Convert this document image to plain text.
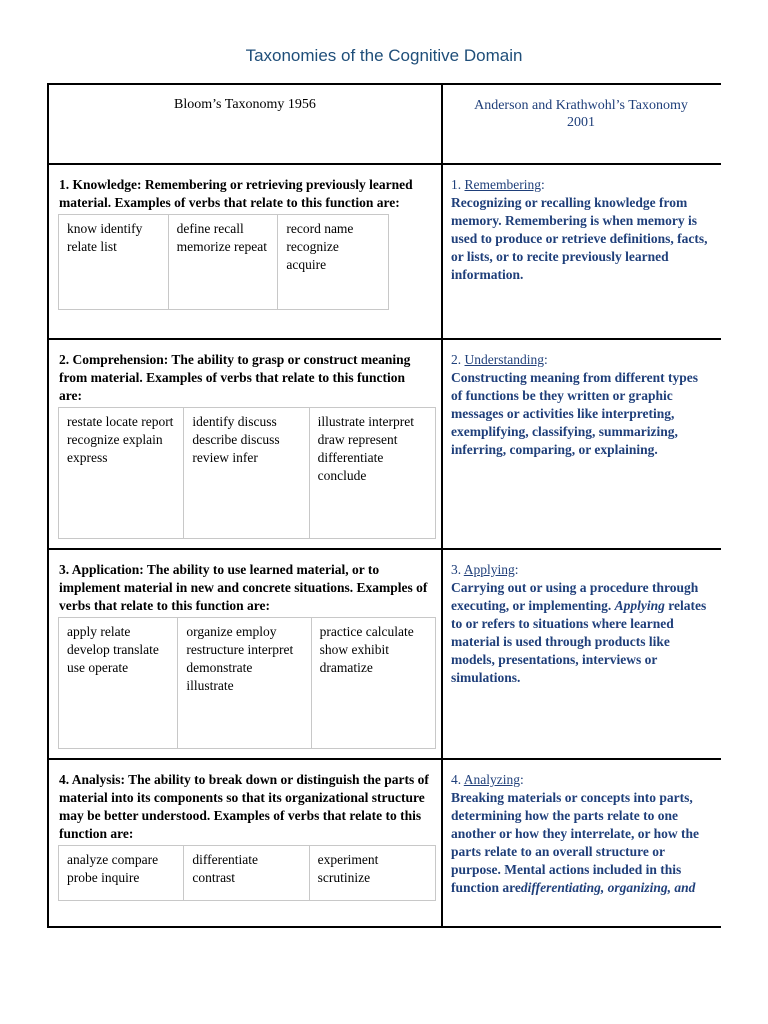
Taxonomies of the Cognitive Domain
Bloom’s Taxonomy 1956	Anderson and Krathwohl’s Taxonomy
2001
1. Knowledge: Remembering or retrieving previously learned material. Examples of verbs that relate to this function are:
know identify relate list
define recall memorize repeat
record name recognize acquire
1. Remembering:
Recognizing or recalling knowledge from memory. Remembering is when memory is used to produce or retrieve definitions, facts, or lists, or to recite previously learned information.
2. Comprehension: The ability to grasp or construct meaning from material. Examples of verbs that relate to this function are:
restate locate report recognize explain express
identify discuss describe discuss review infer
illustrate interpret draw represent differentiate conclude
2. Understanding:
Constructing meaning from different types of functions be they written or graphic messages or activities like interpreting, exemplifying, classifying, summarizing, inferring, comparing, or explaining.
3. Application: The ability to use learned material, or to implement material in new and concrete situations. Examples of verbs that relate to this function are:
apply relate develop translate use operate
organize employ restructure interpret demonstrate illustrate
practice calculate show exhibit dramatize
3. Applying:
Carrying out or using a procedure through executing, or implementing. Applying relates to or refers to situations where learned material is used through products like models, presentations, interviews or simulations.
4. Analysis: The ability to break down or distinguish the parts of material into its components so that its organizational structure may be better understood. Examples of verbs that relate to this function are:
analyze compare probe inquire
differentiate contrast
experiment scrutinize
4. Analyzing:
Breaking materials or concepts into parts, determining how the parts relate to one another or how they interrelate, or how the parts relate to an overall structure or purpose. Mental actions included in this function aredifferentiating, organizing, and
